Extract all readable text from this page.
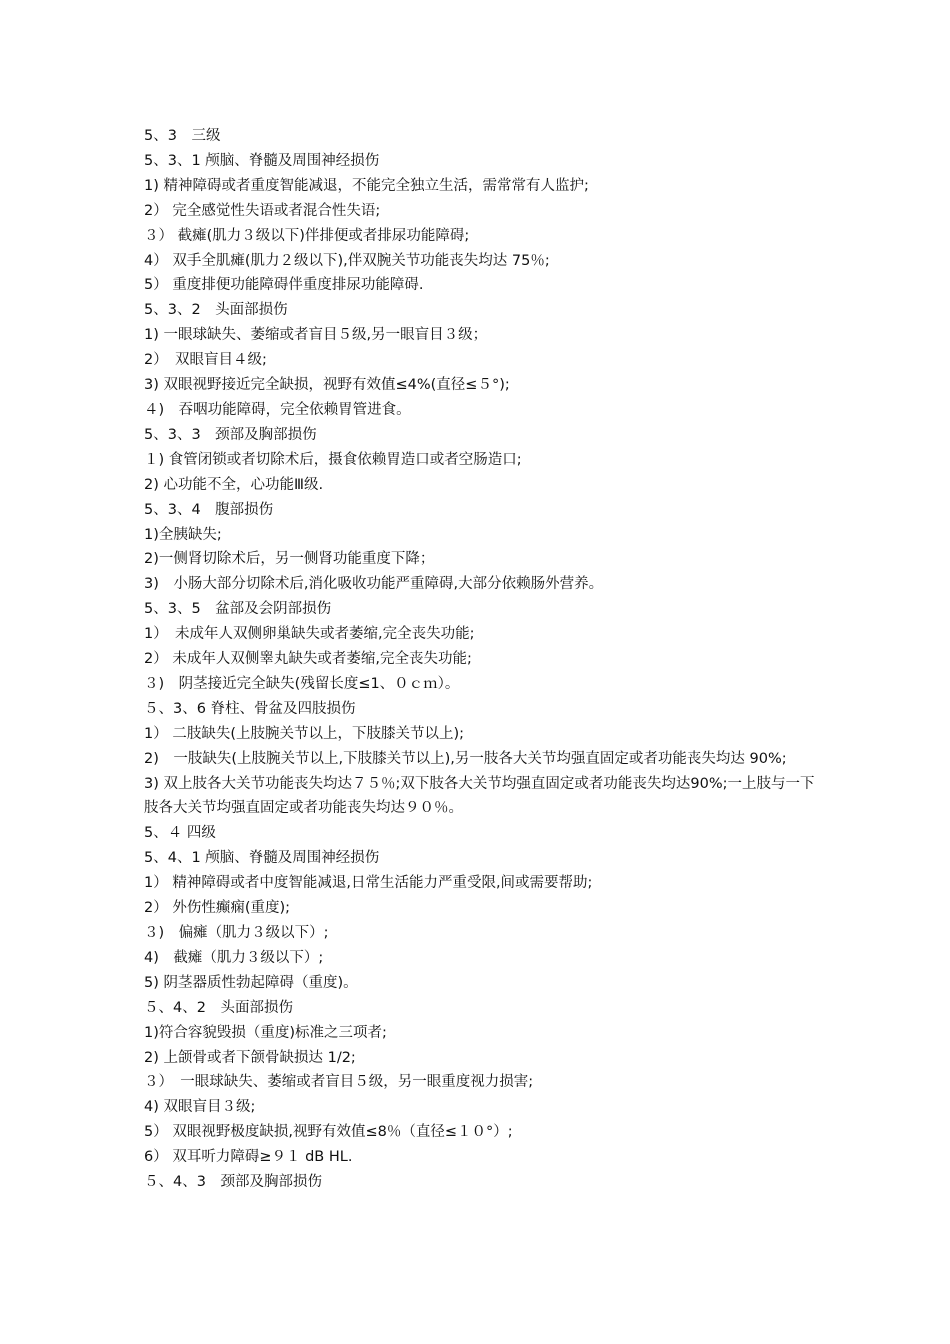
5、3　三级
5、3、1 颅脑、脊髓及周围神经损伤
1) 精神障碍或者重度智能减退，不能完全独立生活，需常常有人监护;
2） 完全感觉性失语或者混合性失语;
３） 截瘫(肌力３级以下)伴排便或者排尿功能障碍;
4） 双手全肌瘫(肌力２级以下),伴双腕关节功能丧失均达 75％;
5） 重度排便功能障碍伴重度排尿功能障碍.
5、3、2　头面部损伤
1) 一眼球缺失、萎缩或者盲目５级,另一眼盲目３级；
2）　双眼盲目４级;
3) 双眼视野接近完全缺损，视野有效值≤4%(直径≤５°);
４)　吞咽功能障碍，完全依赖胃管进食。
5、3、3　颈部及胸部损伤
１) 食管闭锁或者切除术后，摄食依赖胃造口或者空肠造口;
2) 心功能不全，心功能Ⅲ级.
5、3、4　腹部损伤
1)全胰缺失;
2)一侧肾切除术后，另一侧肾功能重度下降；
3)　小肠大部分切除术后,消化吸收功能严重障碍,大部分依赖肠外营养。
5、3、5　盆部及会阴部损伤
1）　未成年人双侧卵巢缺失或者萎缩,完全丧失功能;
2） 未成年人双侧睾丸缺失或者萎缩,完全丧失功能;
３)　阴茎接近完全缺失(残留长度≤1、０ｃｍ）。
５、3、6 脊柱、骨盆及四肢损伤
1） 二肢缺失(上肢腕关节以上，下肢膝关节以上);
2)　一肢缺失(上肢腕关节以上,下肢膝关节以上),另一肢各大关节均强直固定或者功能丧失均达 90%;
3) 双上肢各大关节功能丧失均达７５％;双下肢各大关节均强直固定或者功能丧失均达90%;一上肢与一下肢各大关节均强直固定或者功能丧失均达９０％。
5、４ 四级
5、4、1 颅脑、脊髓及周围神经损伤
1） 精神障碍或者中度智能减退,日常生活能力严重受限,间或需要帮助;
2） 外伤性癫痫(重度);
３)　偏瘫（肌力３级以下）;
4)　截瘫（肌力３级以下）;
5) 阴茎器质性勃起障碍（重度)。
５、4、2　头面部损伤
1)符合容貌毁损（重度)标准之三项者;
2) 上颌骨或者下颌骨缺损达 1/2;
３）　一眼球缺失、萎缩或者盲目５级，另一眼重度视力损害;
4) 双眼盲目３级;
5） 双眼视野极度缺损,视野有效值≤8％（直径≤１０°）;
6） 双耳听力障碍≥９１ dB HL.
５、4、3　颈部及胸部损伤
